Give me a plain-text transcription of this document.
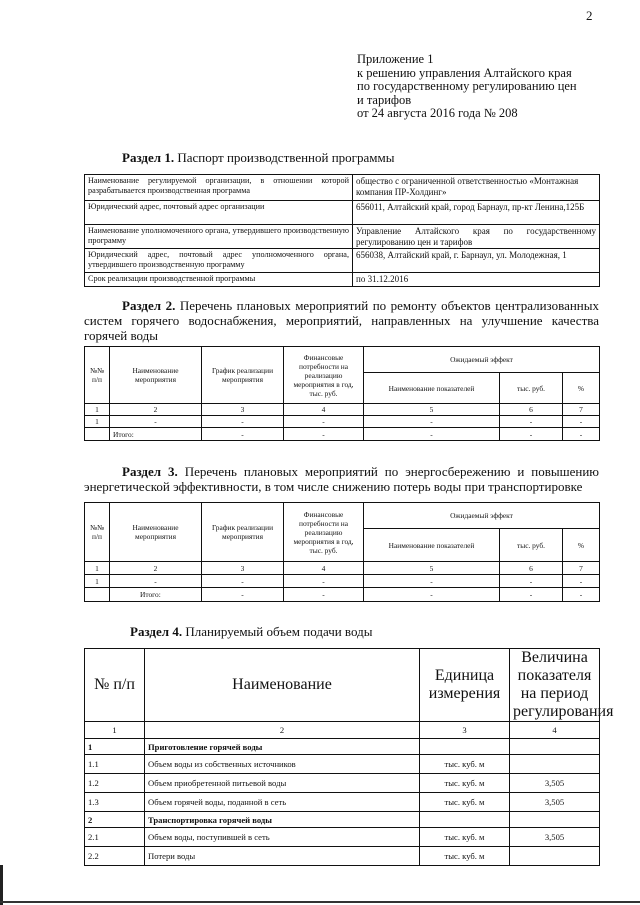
2
Приложение 1
к решению управления Алтайского края
по государственному регулированию цен
и тарифов
от 24 августа 2016 года № 208
Раздел 1. Паспорт производственной программы
Наименование регулируемой организации, в отношении которой разрабатывается производственная программа	общество с ограниченной ответственностью «Монтажная компания ПР-Холдинг»
Юридический адрес, почтовый адрес организации	656011, Алтайский край, город Барнаул, пр-кт Ленина,125Б
Наименование уполномоченного органа, утвердившего производственную программу	Управление Алтайского края по государственному регулированию цен и тарифов
Юридический адрес, почтовый адрес уполномоченного органа, утвердившего производственную программу	656038, Алтайский край, г. Барнаул, ул. Молодежная, 1
Срок реализации производственной программы	по 31.12.2016
Раздел 2. Перечень плановых мероприятий по ремонту объектов централизованных систем горячего водоснабжения, мероприятий, направленных на улучшение качества горячей воды
№№ п/п	Наименование мероприятия	График реализации мероприятия	Финансовые потребности на реализацию мероприятия в год, тыс. руб.	Ожидаемый эффект		
				Наименование показателей	тыс. руб.	%
1	2	3	4	5	6	7
1	-	-	-	-	-	-
	Итого:	-	-	-	-	-
Раздел 3. Перечень плановых мероприятий по энергосбережению и повышению энергетической эффективности, в том числе снижению потерь воды при транспортировке
№№ п/п	Наименование мероприятия	График реализации мероприятия	Финансовые потребности на реализацию мероприятия в год, тыс. руб.	Ожидаемый эффект		
				Наименование показателей	тыс. руб.	%
1	2	3	4	5	6	7
1	-	-	-	-	-	-
	Итого:	-	-	-	-	-
Раздел 4. Планируемый объем подачи воды
№ п/п	Наименование	Единица измерения	Величина показателя на период регулирования
1	2	3	4
1	Приготовление горячей воды		
1.1	Объем воды из собственных источников	тыс. куб. м	
1.2	Объем приобретенной питьевой воды	тыс. куб. м	3,505
1.3	Объем горячей воды, поданной в сеть	тыс. куб. м	3,505
2	Транспортировка горячей воды		
2.1	Объем воды, поступившей в сеть	тыс. куб. м	3,505
2.2	Потери воды	тыс. куб. м	
